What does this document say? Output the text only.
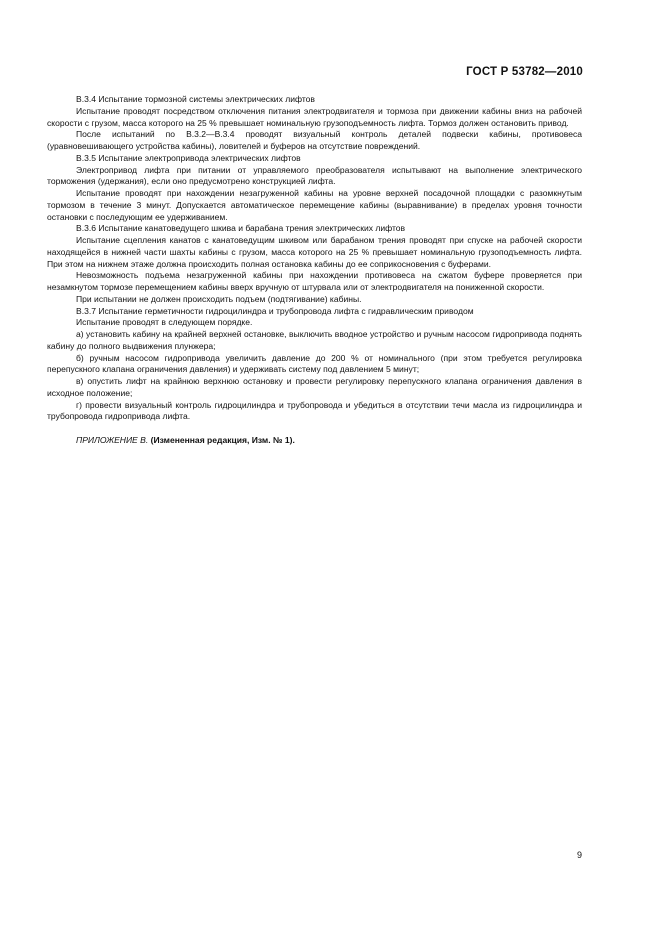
ГОСТ Р 53782—2010

В.3.4 Испытание тормозной системы электрических лифтов

Испытание проводят посредством отключения питания электродвигателя и тормоза при движении кабины вниз на рабочей скорости с грузом, масса которого на 25 % превышает номинальную грузоподъемность лифта. Тормоз должен остановить привод.

После испытаний по В.3.2—В.3.4 проводят визуальный контроль деталей подвески кабины, противовеса (уравновешивающего устройства кабины), ловителей и буферов на отсутствие повреждений.

В.3.5 Испытание электропривода электрических лифтов

Электропривод лифта при питании от управляемого преобразователя испытывают на выполнение электрического торможения (удержания), если оно предусмотрено конструкцией лифта.

Испытание проводят при нахождении незагруженной кабины на уровне верхней посадочной площадки с разомкнутым тормозом в течение 3 минут. Допускается автоматическое перемещение кабины (выравнивание) в пределах уровня точности остановки с последующим ее удерживанием.

В.3.6 Испытание канатоведущего шкива и барабана трения электрических лифтов

Испытание сцепления канатов с канатоведущим шкивом или барабаном трения проводят при спуске на рабочей скорости находящейся в нижней части шахты кабины с грузом, масса которого на 25 % превышает номинальную грузоподъемность лифта. При этом на нижнем этаже должна происходить полная остановка кабины до ее соприкосновения с буферами.

Невозможность подъема незагруженной кабины при нахождении противовеса на сжатом буфере проверяется при незамкнутом тормозе перемещением кабины вверх вручную от штурвала или от электродвигателя на пониженной скорости.

При испытании не должен происходить подъем (подтягивание) кабины.

В.3.7 Испытание герметичности гидроцилиндра и трубопровода лифта с гидравлическим приводом

Испытание проводят в следующем порядке.

а) установить кабину на крайней верхней остановке, выключить вводное устройство и ручным насосом гидропривода поднять кабину до полного выдвижения плунжера;

б) ручным насосом гидропривода увеличить давление до 200 % от номинального (при этом требуется регулировка перепускного клапана ограничения давления) и удерживать систему под давлением 5 минут;

в) опустить лифт на крайнюю верхнюю остановку и провести регулировку перепускного клапана ограничения давления в исходное положение;

г) провести визуальный контроль гидроцилиндра и трубопровода и убедиться в отсутствии течи масла из гидроцилиндра и трубопровода гидропривода лифта.

ПРИЛОЖЕНИЕ В. (Измененная редакция, Изм. № 1).

9
